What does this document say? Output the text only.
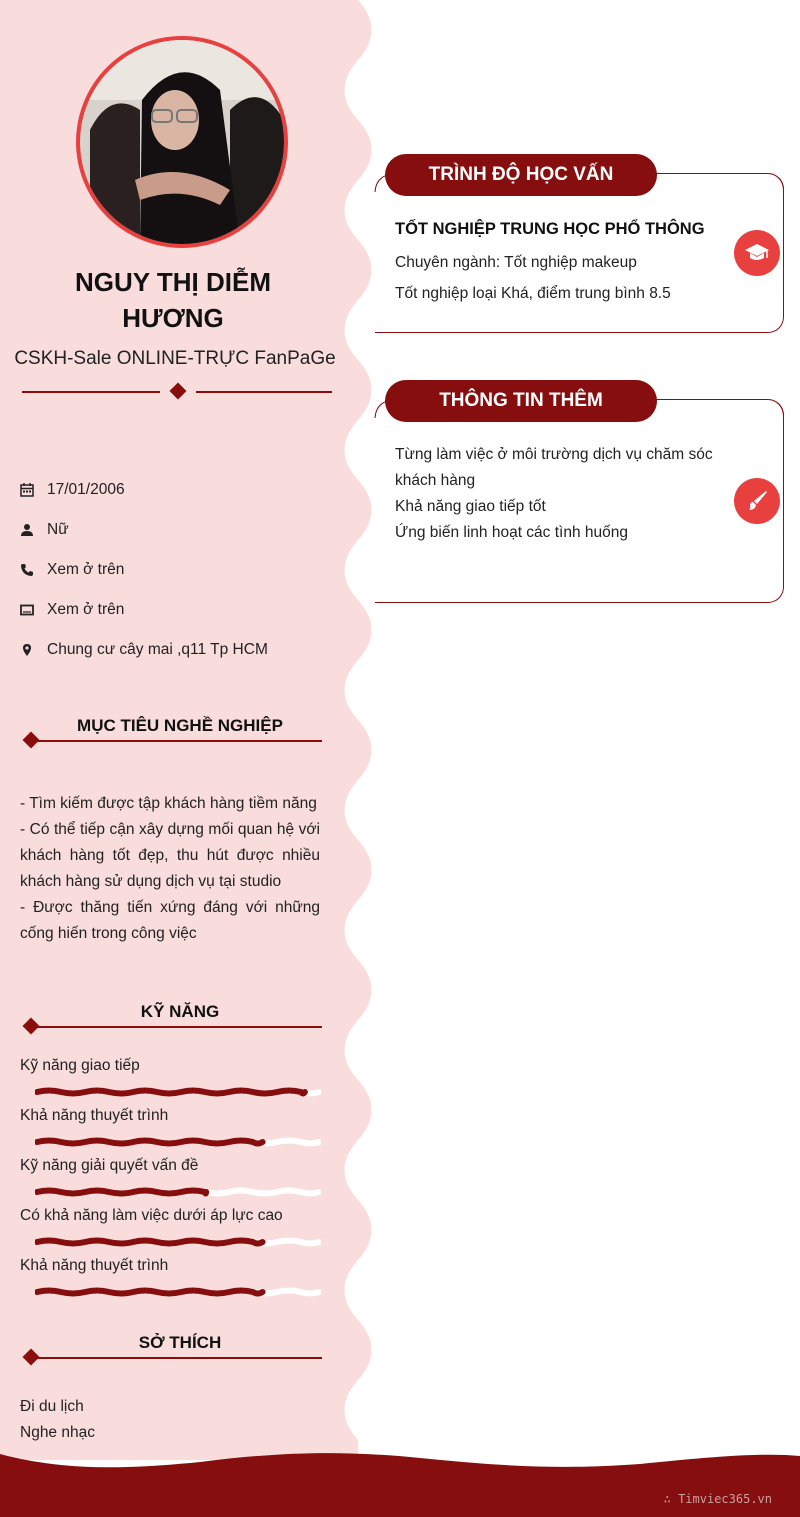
NGUY THỊ DIỄM
HƯƠNG
CSKH-Sale ONLINE-TRỰC FanPaGe
17/01/2006
Nữ
Xem ở trên
Xem ở trên
Chung cư cây mai ,q11 Tp HCM
MỤC TIÊU NGHỀ NGHIỆP
- Tìm kiếm được tập khách hàng tiềm năng
- Có thể tiếp cận xây dựng mối quan hệ với khách hàng tốt đẹp, thu hút được nhiều khách hàng sử dụng dịch vụ tại studio
- Được thăng tiến xứng đáng với những cống hiến trong công việc
KỸ NĂNG
Kỹ năng giao tiếp
Khả năng thuyết trình
Kỹ năng giải quyết vấn đề
Có khả năng làm việc dưới áp lực cao
Khả năng thuyết trình
SỞ THÍCH
Đi du lịch
Nghe nhạc
TRÌNH ĐỘ HỌC VẤN
TỐT NGHIỆP TRUNG HỌC PHỔ THÔNG
Chuyên ngành: Tốt nghiệp makeup
Tốt nghiệp loại Khá, điểm trung bình 8.5
THÔNG TIN THÊM
Từng làm việc ở môi trường dịch vụ chăm sóc khách hàng
Khả năng giao tiếp tốt
Ứng biến linh hoạt các tình huống
∴ Timviec365.vn
